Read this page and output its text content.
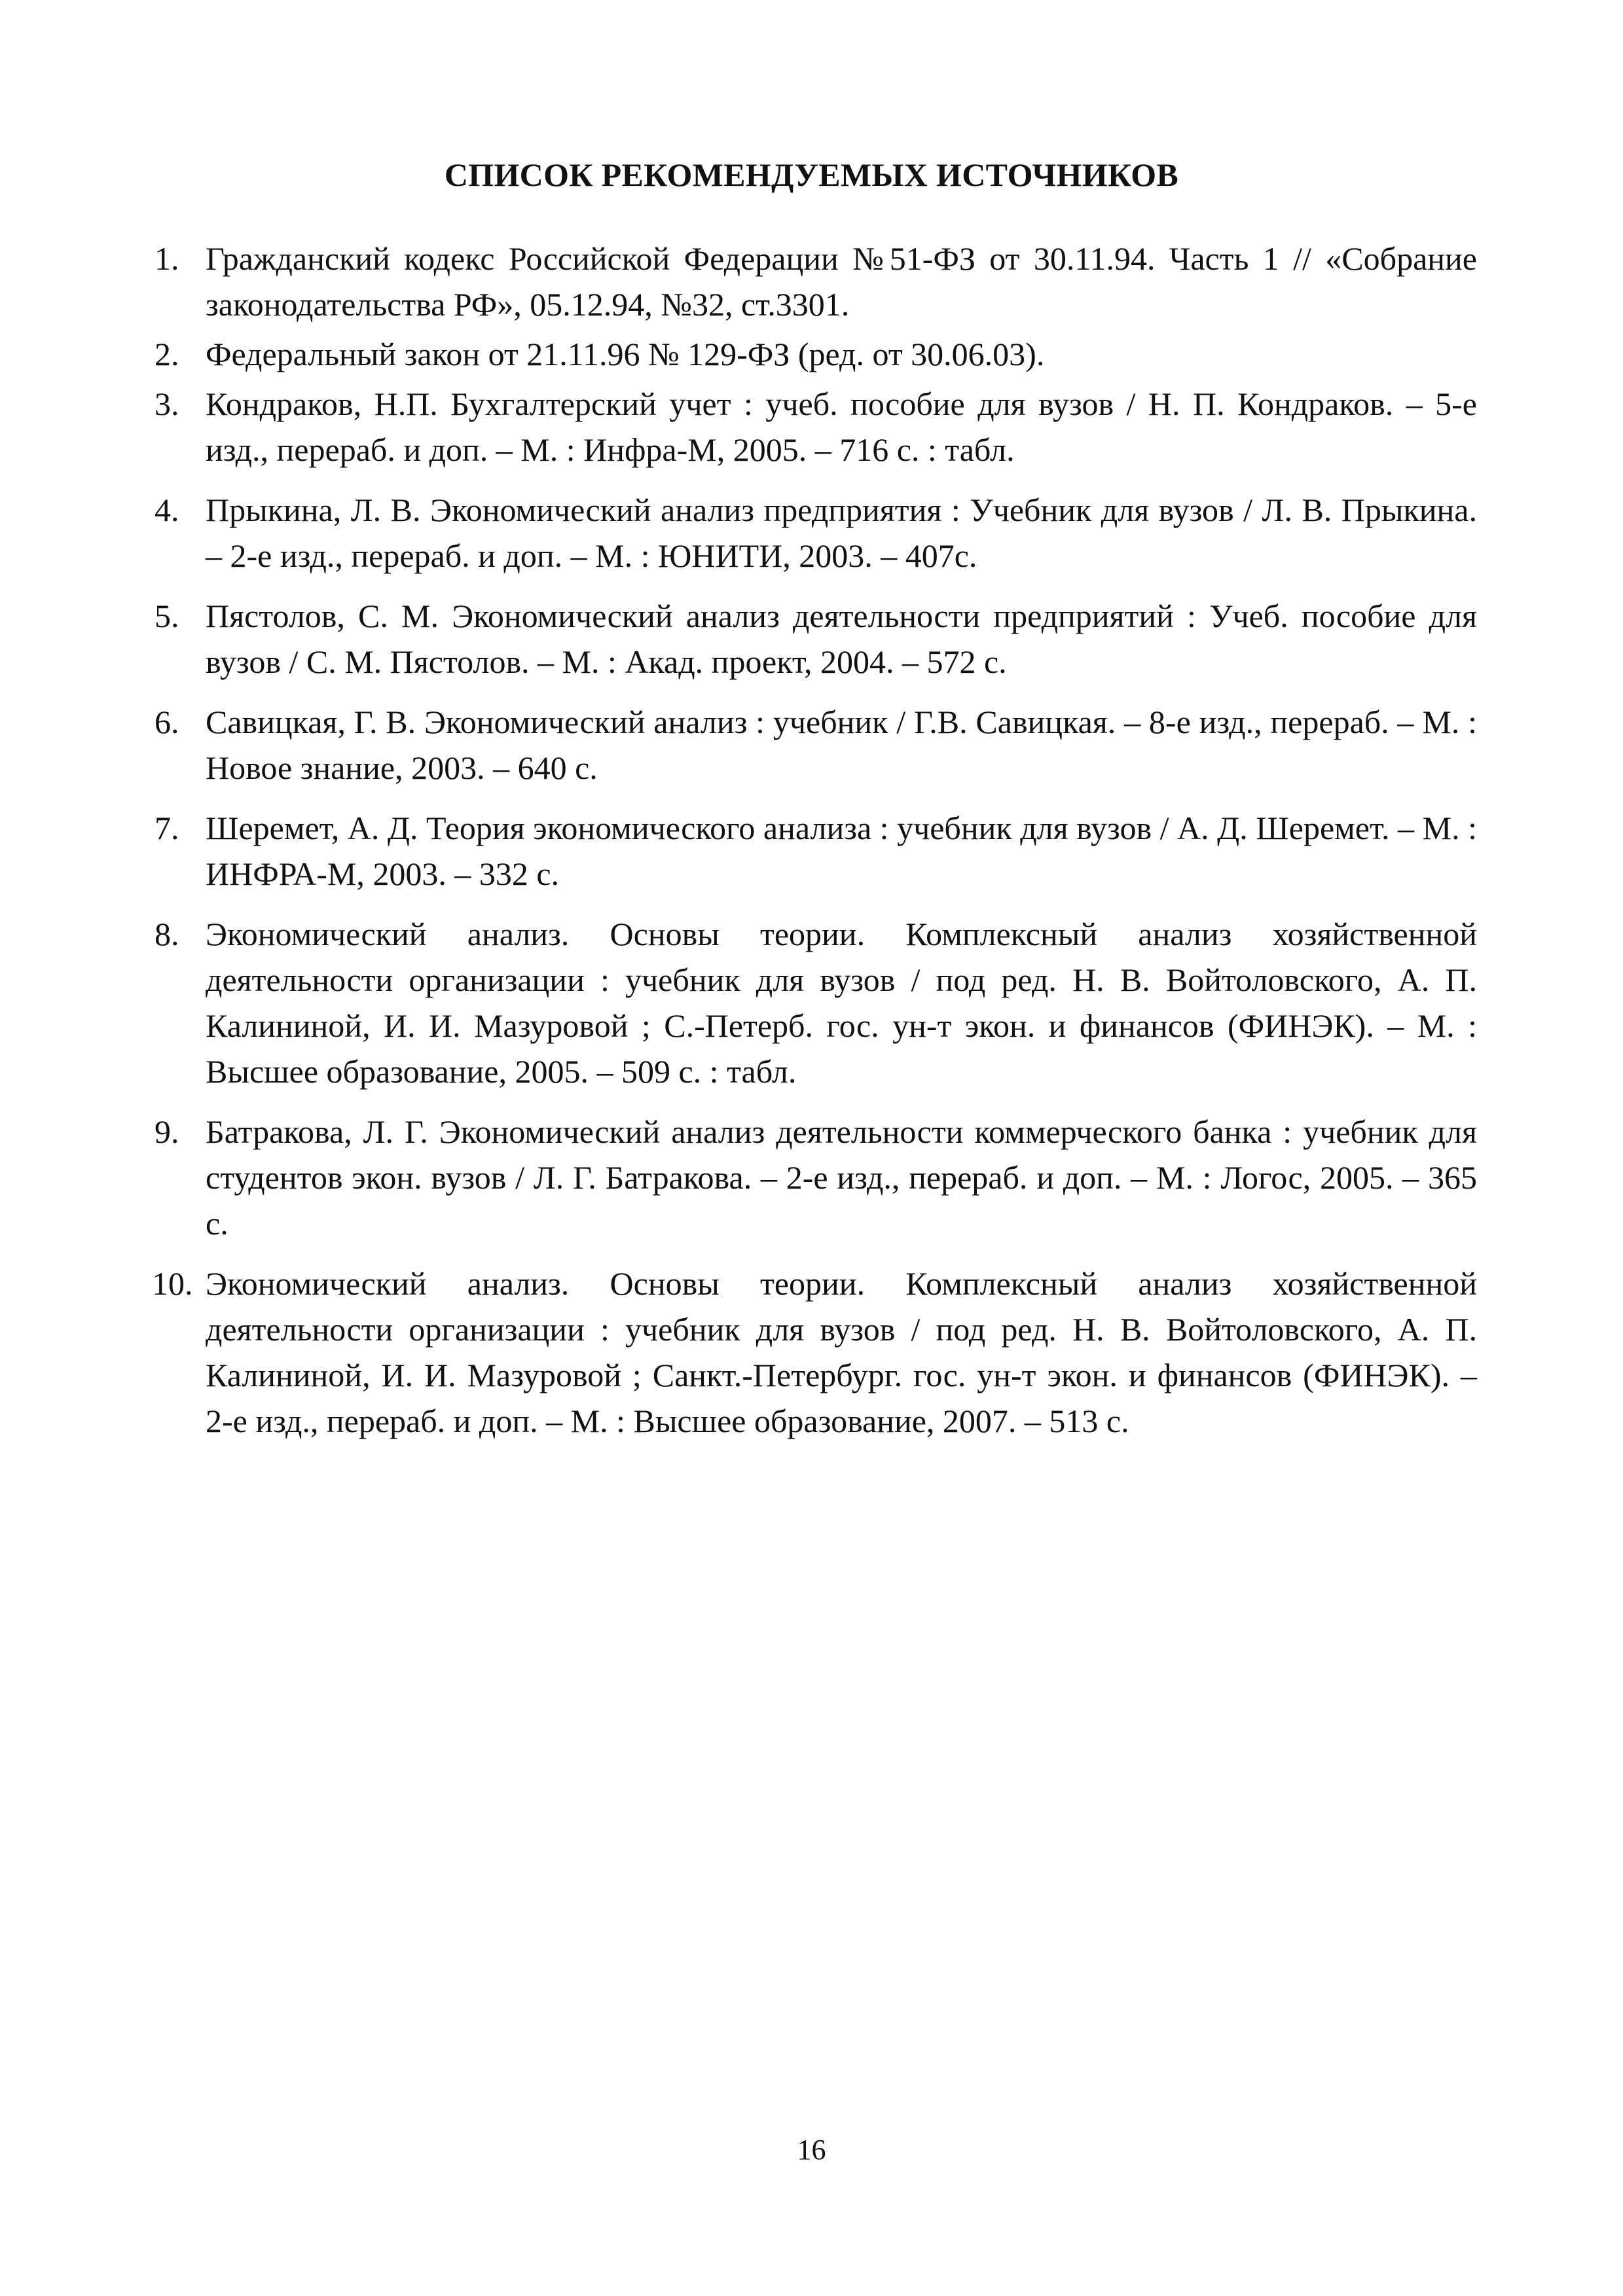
СПИСОК РЕКОМЕНДУЕМЫХ ИСТОЧНИКОВ
1. Гражданский кодекс Российской Федерации №51-ФЗ от 30.11.94. Часть 1 // «Собрание законодательства РФ», 05.12.94, №32, ст.3301.
2. Федеральный закон от 21.11.96 № 129-ФЗ (ред. от 30.06.03).
3. Кондраков, Н.П. Бухгалтерский учет : учеб. пособие для вузов / Н. П. Кондраков. – 5-е изд., перераб. и доп. – М. : Инфра-М, 2005. – 716 с. : табл.
4. Прыкина, Л. В. Экономический анализ предприятия : Учебник для вузов / Л. В. Прыкина. – 2-е изд., перераб. и доп. – М. : ЮНИТИ, 2003. – 407с.
5. Пястолов, С. М. Экономический анализ деятельности предприятий : Учеб. пособие для вузов / С. М. Пястолов. – М. : Акад. проект, 2004. – 572 с.
6. Савицкая, Г. В. Экономический анализ : учебник / Г.В. Савицкая. – 8-е изд., перераб. – М. : Новое знание, 2003. – 640 с.
7. Шеремет, А. Д. Теория экономического анализа : учебник для вузов / А. Д. Шеремет. – М. : ИНФРА-М, 2003. – 332 с.
8. Экономический анализ. Основы теории. Комплексный анализ хозяйственной деятельности организации : учебник для вузов / под ред. Н. В. Войтоловского, А. П. Калининой, И. И. Мазуровой ; С.-Петерб. гос. ун-т экон. и финансов (ФИНЭК). – М. : Высшее образование, 2005. – 509 с. : табл.
9. Батракова, Л. Г. Экономический анализ деятельности коммерческого банка : учебник для студентов экон. вузов / Л. Г. Батракова. – 2-е изд., перераб. и доп. – М. : Логос, 2005. – 365 с.
10. Экономический анализ. Основы теории. Комплексный анализ хозяйственной деятельности организации : учебник для вузов / под ред. Н. В. Войтоловского, А. П. Калининой, И. И. Мазуровой ; Санкт.-Петербург. гос. ун-т экон. и финансов (ФИНЭК). – 2-е изд., перераб. и доп. – М. : Высшее образование, 2007. – 513 с.
16
